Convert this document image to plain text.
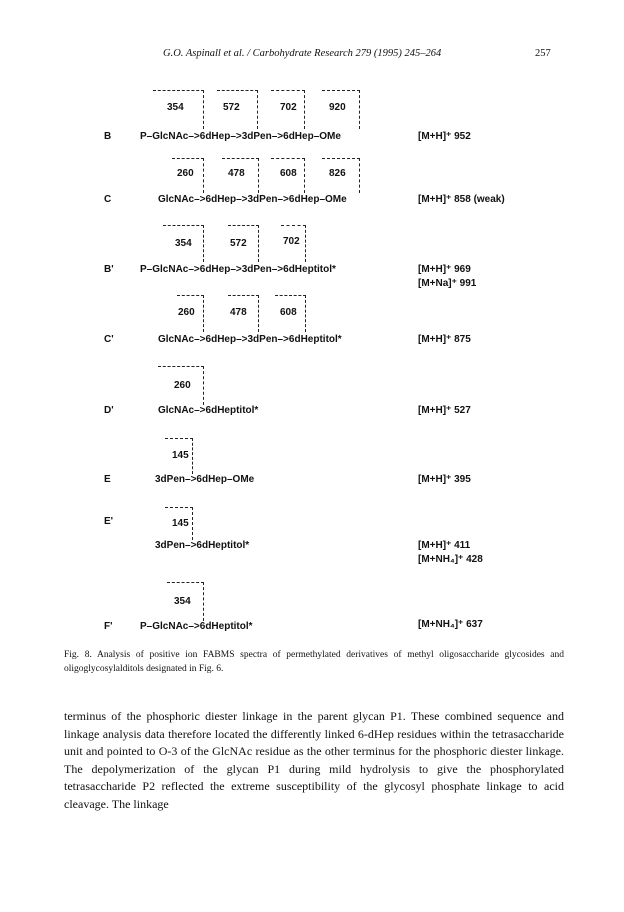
G.O. Aspinall et al. / Carbohydrate Research 279 (1995) 245–264	257
354	572	702	920
B	P–GlcNAc–>6dHep–>3dPen–>6dHep–OMe	[M+H]⁺ 952
260	478	608	826
C	GlcNAc–>6dHep–>3dPen–>6dHep–OMe	[M+H]⁺ 858 (weak)
354	572	702
B'	P–GlcNAc–>6dHep–>3dPen–>6dHeptitol*	[M+H]⁺ 969
[M+Na]⁺ 991
260	478	608
C'	GlcNAc–>6dHep–>3dPen–>6dHeptitol*	[M+H]⁺ 875
260
D'	GlcNAc–>6dHeptitol*	[M+H]⁺ 527
145
E	3dPen–>6dHep–OMe	[M+H]⁺ 395
E'	145
3dPen–>6dHeptitol*	[M+H]⁺ 411
[M+NH₄]⁺ 428
354
F'	P–GlcNAc–>6dHeptitol*	[M+NH₄]⁺ 637
Fig. 8. Analysis of positive ion FABMS spectra of permethylated derivatives of methyl oligosaccharide glycosides and oligoglycosylalditols designated in Fig. 6.
terminus of the phosphoric diester linkage in the parent glycan P1. These combined sequence and linkage analysis data therefore located the differently linked 6-dHep residues within the tetrasaccharide unit and pointed to O-3 of the GlcNAc residue as the other terminus for the phosphoric diester linkage. The depolymerization of the glycan P1 during mild hydrolysis to give the phosphorylated tetrasaccharide P2 reflected the extreme susceptibility of the glycosyl phosphate linkage to acid cleavage. The linkage
